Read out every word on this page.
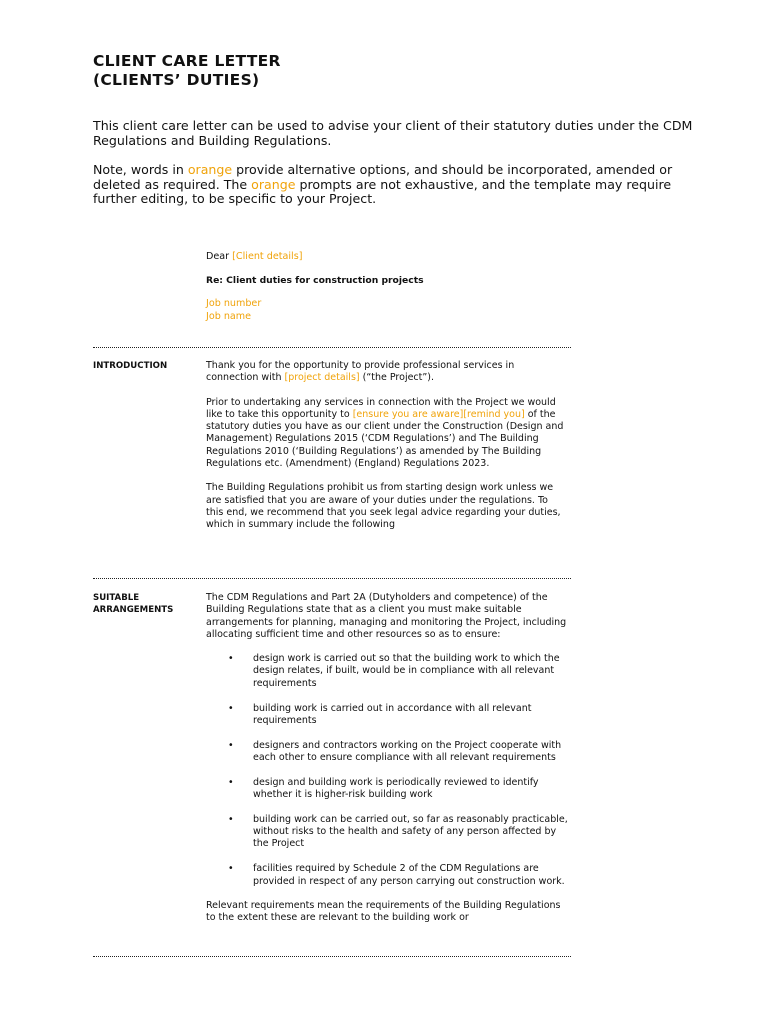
CLIENT CARE LETTER
(CLIENTS’ DUTIES)

This client care letter can be used to advise your client of their statutory duties under the CDM Regulations and Building Regulations.

Note, words in orange provide alternative options, and should be incorporated, amended or deleted as required. The orange prompts are not exhaustive, and the template may require further editing, to be specific to your Project.

Dear [Client details]
Re: Client duties for construction projects
Job number
Job name
INTRODUCTION	Thank you for the opportunity to provide professional services in connection with [project details] (“the Project”).

Prior to undertaking any services in connection with the Project we would like to take this opportunity to [ensure you are aware][remind you] of the statutory duties you have as our client under the Construction (Design and Management) Regulations 2015 (‘CDM Regulations’) and The Building Regulations 2010 (‘Building Regulations’) as amended by The Building Regulations etc. (Amendment) (England) Regulations 2023.

The Building Regulations prohibit us from starting design work unless we are satisfied that you are aware of your duties under the regulations. To this end, we recommend that you seek legal advice regarding your duties, which in summary include the following

SUITABLE
ARRANGEMENTS

The CDM Regulations and Part 2A (Dutyholders and competence) of the Building Regulations state that as a client you must make suitable arrangements for planning, managing and monitoring the Project, including allocating sufficient time and other resources so as to ensure:

• design work is carried out so that the building work to which the design relates, if built, would be in compliance with all relevant requirements
• building work is carried out in accordance with all relevant requirements
• designers and contractors working on the Project cooperate with each other to ensure compliance with all relevant requirements
• design and building work is periodically reviewed to identify whether it is higher-risk building work
• building work can be carried out, so far as reasonably practicable, without risks to the health and safety of any person affected by the Project
• facilities required by Schedule 2 of the CDM Regulations are provided in respect of any person carrying out construction work.

Relevant requirements mean the requirements of the Building Regulations to the extent these are relevant to the building work or
